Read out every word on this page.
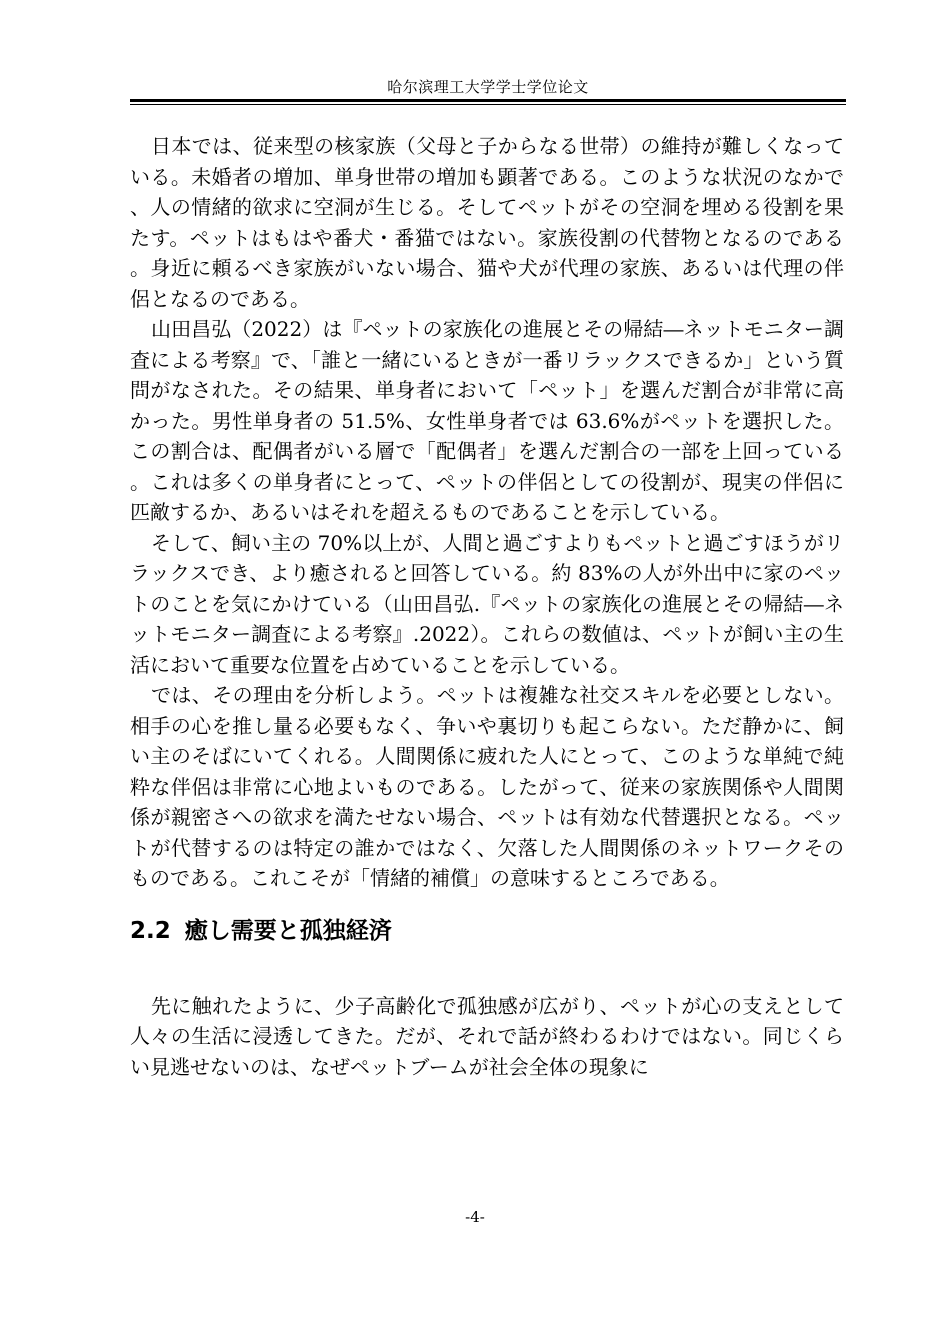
哈尔滨理工大学学士学位论文

日本では、従来型の核家族（父母と子からなる世帯）の維持が難しくなっている。未婚者の増加、単身世帯の増加も顕著である。このような状況のなかで、人の情緒的欲求に空洞が生じる。そしてペットがその空洞を埋める役割を果たす。ペットはもはや番犬・番猫ではない。家族役割の代替物となるのである。身近に頼るべき家族がいない場合、猫や犬が代理の家族、あるいは代理の伴侶となるのである。

山田昌弘（2022）は『ペットの家族化の進展とその帰結―ネットモニター調査による考察』で、「誰と一緒にいるときが一番リラックスできるか」という質問がなされた。その結果、単身者において「ペット」を選んだ割合が非常に高かった。男性単身者の 51.5%、女性単身者では 63.6%がペットを選択した。この割合は、配偶者がいる層で「配偶者」を選んだ割合の一部を上回っている。これは多くの単身者にとって、ペットの伴侶としての役割が、現実の伴侶に匹敵するか、あるいはそれを超えるものであることを示している。

そして、飼い主の 70%以上が、人間と過ごすよりもペットと過ごすほうがリラックスでき、より癒されると回答している。約 83%の人が外出中に家のペットのことを気にかけている（山田昌弘.『ペットの家族化の進展とその帰結―ネットモニター調査による考察』.2022）。これらの数値は、ペットが飼い主の生活において重要な位置を占めていることを示している。

では、その理由を分析しよう。ペットは複雑な社交スキルを必要としない。相手の心を推し量る必要もなく、争いや裏切りも起こらない。ただ静かに、飼い主のそばにいてくれる。人間関係に疲れた人にとって、このような単純で純粋な伴侶は非常に心地よいものである。したがって、従来の家族関係や人間関係が親密さへの欲求を満たせない場合、ペットは有効な代替選択となる。ペットが代替するのは特定の誰かではなく、欠落した人間関係のネットワークそのものである。これこそが「情緒的補償」の意味するところである。

2.2 癒し需要と孤独経済

先に触れたように、少子高齢化で孤独感が広がり、ペットが心の支えとして人々の生活に浸透してきた。だが、それで話が終わるわけではない。同じくらい見逃せないのは、なぜペットブームが社会全体の現象に

-4-
